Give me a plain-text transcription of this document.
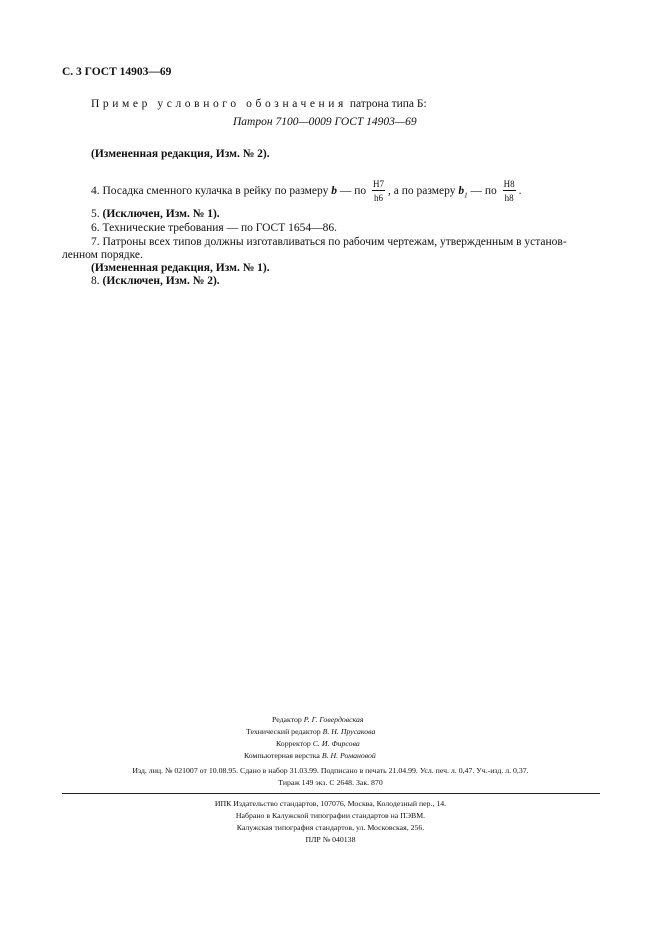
С. 3 ГОСТ 14903—69
Пример условного обозначения патрона типа Б:
Патрон 7100—0009 ГОСТ 14903—69
(Измененная редакция, Изм. № 2).
4. Посадка сменного кулачка в рейку по размеру b — по $\frac{H7}{h6}$ , а по размеру $b_1$ — по $\frac{H8}{h8}$ .
5. (Исключен, Изм. № 1).
6. Технические требования — по ГОСТ 1654—86.
7. Патроны всех типов должны изготавливаться по рабочим чертежам, утвержденным в установ-
ленном порядке.
(Измененная редакция, Изм. № 1).
8. (Исключен, Изм. № 2).
Редактор Р. Г. Говердовская
Технический редактор В. Н. Прусакова
Корректор С. И. Фирсова
Компьютерная верстка В. Н. Романовой
Изд. лиц. № 021007 от 10.08.95. Сдано в набор 31.03.99. Подписано в печать 21.04.99. Усл. печ. л. 0,47. Уч.-изд. л. 0,37.
Тираж 149 экз. С 2648. Зак. 870
ИПК Издательство стандартов, 107076, Москва, Колодезный пер., 14.
Набрано в Калужской типографии стандартов на ПЭВМ.
Калужская типография стандартов, ул. Московская, 256.
ПЛР № 040138
